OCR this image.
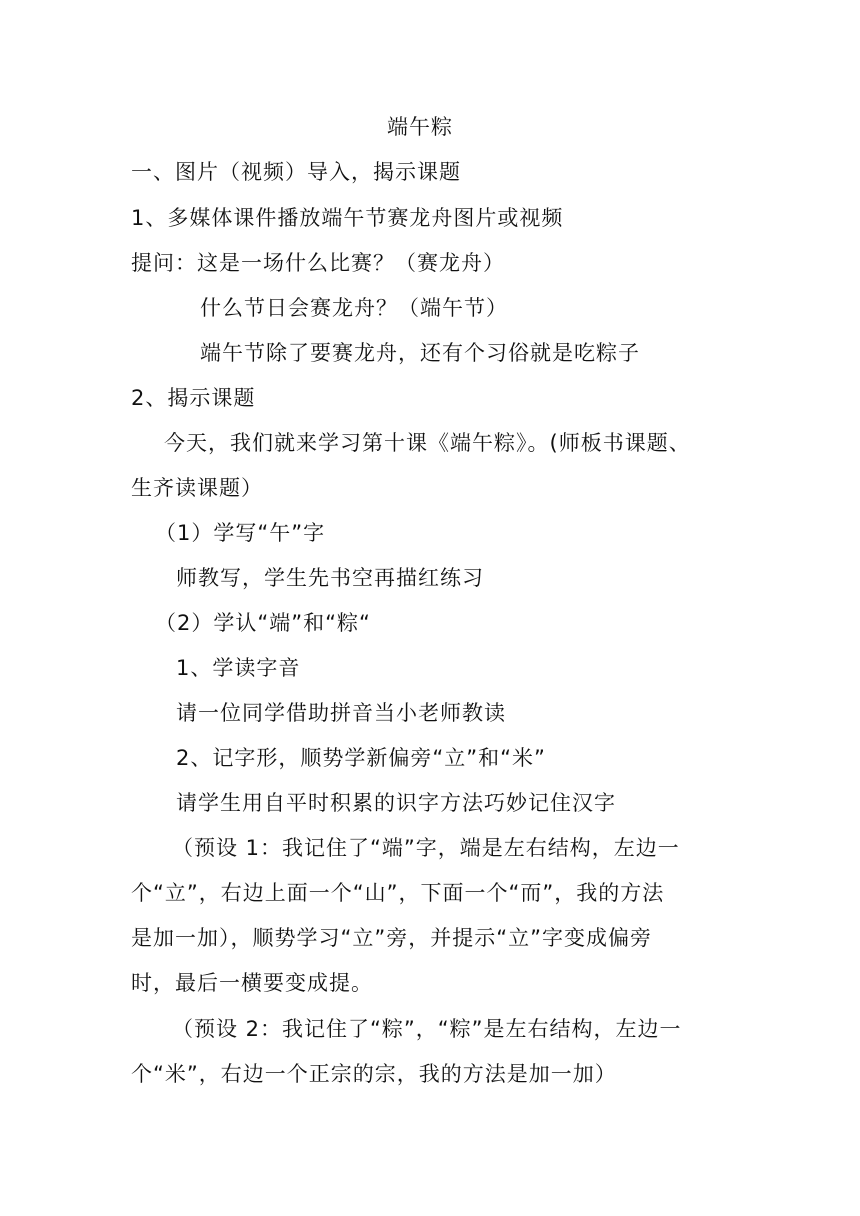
端午粽
一、图片（视频）导入，揭示课题
1、多媒体课件播放端午节赛龙舟图片或视频
提问：这是一场什么比赛？（赛龙舟）
什么节日会赛龙舟？（端午节）
端午节除了要赛龙舟，还有个习俗就是吃粽子
2、揭示课题
今天，我们就来学习第十课《端午粽》。(师板书课题、
生齐读课题）
（1）学写“午”字
师教写，学生先书空再描红练习
（2）学认“端”和“粽“
1、学读字音
请一位同学借助拼音当小老师教读
2、记字形，顺势学新偏旁“立”和“米”
请学生用自平时积累的识字方法巧妙记住汉字
（预设 1：我记住了“端”字，端是左右结构，左边一
个“立”，右边上面一个“山”，下面一个“而”，我的方法
是加一加），顺势学习“立”旁，并提示“立”字变成偏旁
时，最后一横要变成提。
（预设 2：我记住了“粽”，“粽”是左右结构，左边一
个“米”，右边一个正宗的宗，我的方法是加一加）
